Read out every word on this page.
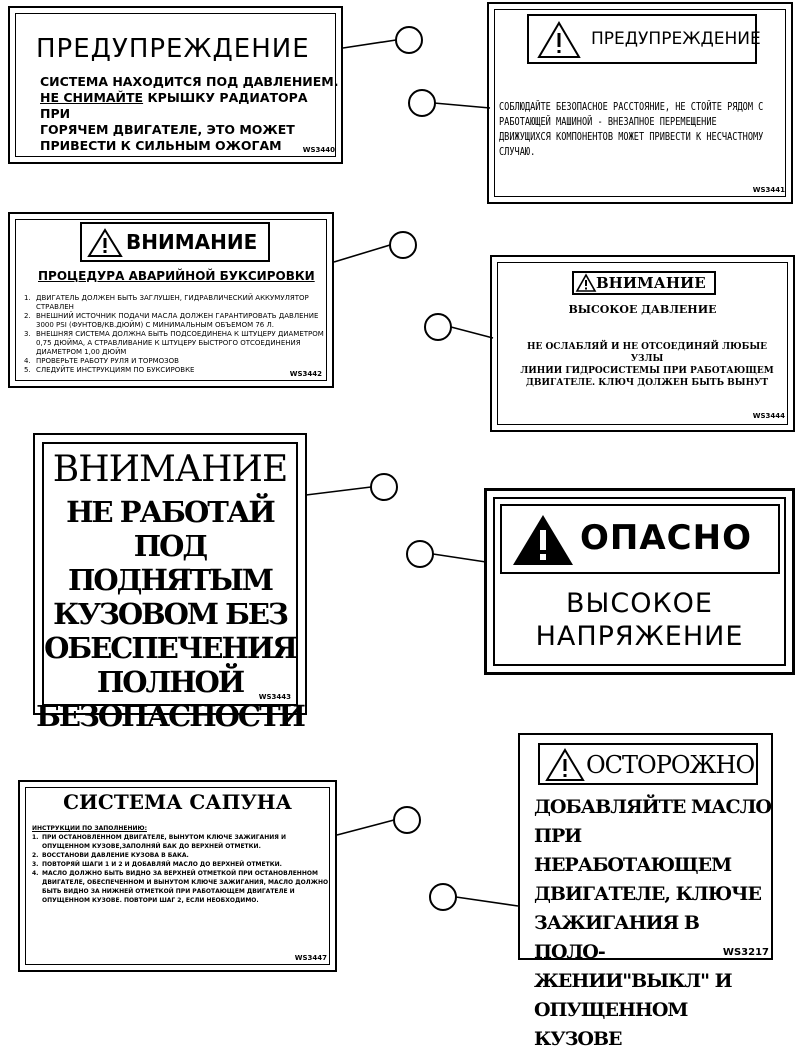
ПРЕДУПРЕЖДЕНИЕ
СИСТЕМА НАХОДИТСЯ ПОД ДАВЛЕНИЕМ.
НЕ СНИМАЙТЕ КРЫШКУ РАДИАТОРА ПРИ
ГОРЯЧЕМ ДВИГАТЕЛЕ, ЭТО МОЖЕТ
ПРИВЕСТИ К СИЛЬНЫМ ОЖОГАМ	WS3440
ПРЕДУПРЕЖДЕНИЕ
СОБЛЮДАЙТЕ БЕЗОПАСНОЕ РАССТОЯНИЕ, НЕ СТОЙТЕ РЯДОМ С
РАБОТАЮЩЕЙ МАШИНОЙ - ВНЕЗАПНОЕ ПЕРЕМЕЩЕНИЕ
ДВИЖУЩИХСЯ КОМПОНЕНТОВ МОЖЕТ ПРИВЕСТИ К НЕСЧАСТНОМУ
СЛУЧАЮ.
WS3441
ВНИМАНИЕ
ПРОЦЕДУРА АВАРИЙНОЙ БУКСИРОВКИ
1. ДВИГАТЕЛЬ ДОЛЖЕН БЫТЬ ЗАГЛУШЕН, ГИДРАВЛИЧЕСКИЙ АККУМУЛЯТОР СТРАВЛЕН
2. ВНЕШНИЙ ИСТОЧНИК ПОДАЧИ МАСЛА ДОЛЖЕН ГАРАНТИРОВАТЬ ДАВЛЕНИЕ 3000 PSI (ФУНТОВ/КВ.ДЮЙМ) С МИНИМАЛЬНЫМ ОБЪЕМОМ 76 Л.
3. ВНЕШНЯЯ СИСТЕМА ДОЛЖНА БЫТЬ ПОДСОЕДИНЕНА К ШТУЦЕРУ ДИАМЕТРОМ 0,75 ДЮЙМА, А СТРАВЛИВАНИЕ К ШТУЦЕРУ БЫСТРОГО ОТСОЕДИНЕНИЯ ДИАМЕТРОМ 1,00 ДЮЙМ
4. ПРОВЕРЬТЕ РАБОТУ РУЛЯ И ТОРМОЗОВ
5. СЛЕДУЙТЕ ИНСТРУКЦИЯМ ПО БУКСИРОВКЕ	WS3442
ВНИМАНИЕ
ВЫСОКОЕ ДАВЛЕНИЕ
НЕ ОСЛАБЛЯЙ И НЕ ОТСОЕДИНЯЙ ЛЮБЫЕ УЗЛЫ
ЛИНИИ ГИДРОСИСТЕМЫ ПРИ РАБОТАЮЩЕМ
ДВИГАТЕЛЕ. КЛЮЧ ДОЛЖЕН БЫТЬ ВЫНУТ
WS3444
ВНИМАНИЕ
НЕ РАБОТАЙ ПОД
ПОДНЯТЫМ
КУЗОВОМ БЕЗ
ОБЕСПЕЧЕНИЯ
ПОЛНОЙ
БЕЗОПАСНОСТИ
WS3443
ОПАСНО
ВЫСОКОЕ
НАПРЯЖЕНИЕ
СИСТЕМА САПУНА
ИНСТРУКЦИИ ПО ЗАПОЛНЕНИЮ:
1. ПРИ ОСТАНОВЛЕННОМ ДВИГАТЕЛЕ, ВЫНУТОМ КЛЮЧЕ ЗАЖИГАНИЯ И ОПУЩЕННОМ КУЗОВЕ,ЗАПОЛНЯЙ БАК ДО ВЕРХНЕЙ ОТМЕТКИ.
2. ВОССТАНОВИ ДАВЛЕНИЕ КУЗОВА В БАКА.
3. ПОВТОРЯЙ ШАГИ 1 И 2 И ДОБАВЛЯЙ МАСЛО ДО ВЕРХНЕЙ ОТМЕТКИ.
4. МАСЛО ДОЛЖНО БЫТЬ ВИДНО ЗА ВЕРХНЕЙ ОТМЕТКОЙ ПРИ ОСТАНОВЛЕННОМ ДВИГАТЕЛЕ, ОБЕСПЕЧЕННОМ И ВЫНУТОМ КЛЮЧЕ ЗАЖИГАНИЯ, МАСЛО ДОЛЖНО БЫТЬ ВИДНО ЗА НИЖНЕЙ ОТМЕТКОЙ ПРИ РАБОТАЮЩЕМ ДВИГАТЕЛЕ И ОПУЩЕННОМ КУЗОВЕ. ПОВТОРИ ШАГ 2, ЕСЛИ НЕОБХОДИМО.
WS3447
ОСТОРОЖНО
ДОБАВЛЯЙТЕ МАСЛО
ПРИ НЕРАБОТАЮЩЕМ
ДВИГАТЕЛЕ, КЛЮЧЕ
ЗАЖИГАНИЯ В ПОЛО-
ЖЕНИИ"ВЫКЛ" И
ОПУЩЕННОМ КУЗОВЕ
WS3217
